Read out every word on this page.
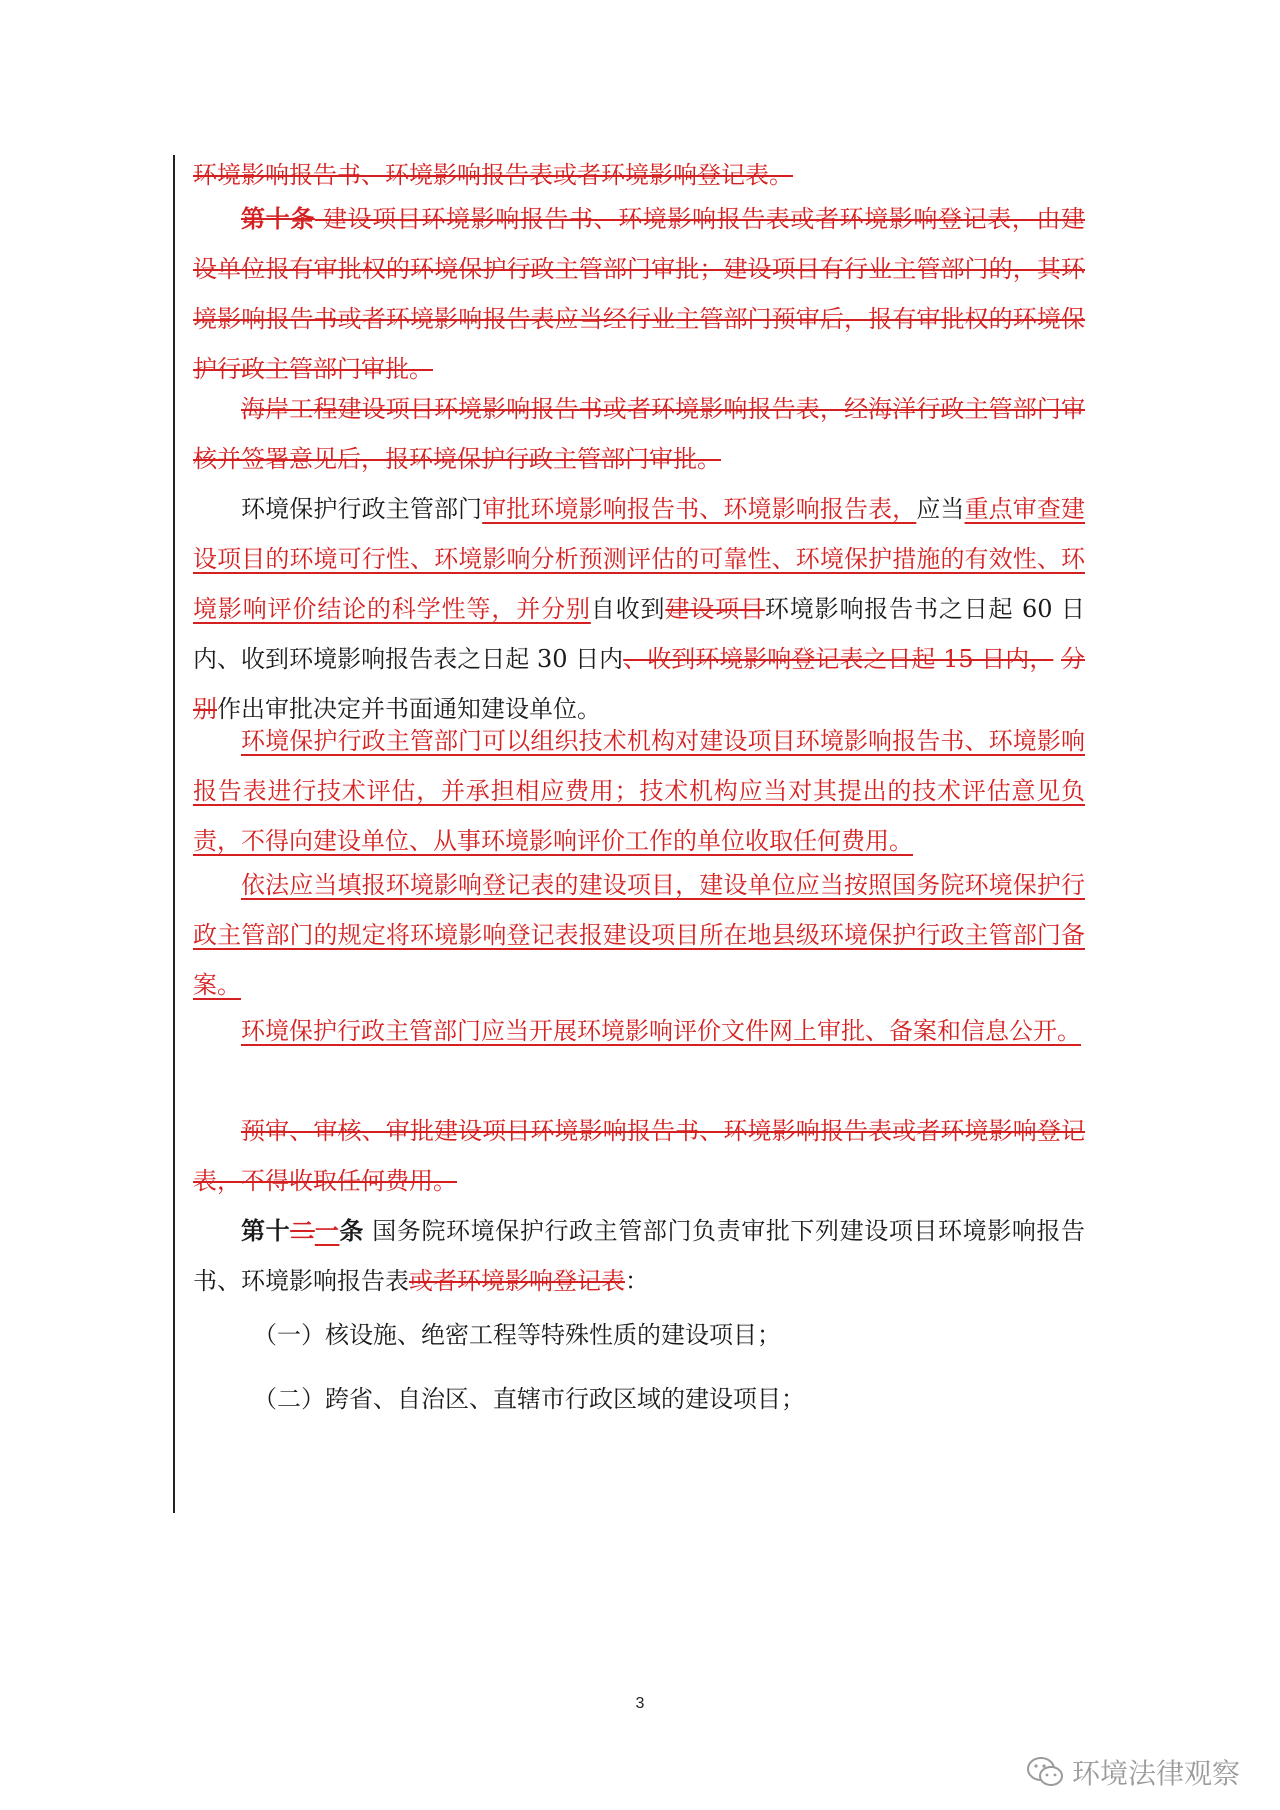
环境影响报告书、环境影响报告表或者环境影响登记表。

第十条 建设项目环境影响报告书、环境影响报告表或者环境影响登记表，由建设单位报有审批权的环境保护行政主管部门审批；建设项目有行业主管部门的，其环境影响报告书或者环境影响报告表应当经行业主管部门预审后，报有审批权的环境保护行政主管部门审批。

海岸工程建设项目环境影响报告书或者环境影响报告表，经海洋行政主管部门审核并签署意见后，报环境保护行政主管部门审批。

环境保护行政主管部门审批环境影响报告书、环境影响报告表，应当重点审查建设项目的环境可行性、环境影响分析预测评估的可靠性、环境保护措施的有效性、环境影响评价结论的科学性等，并分别自收到建设项目环境影响报告书之日起 60 日内、收到环境影响报告表之日起 30 日内、收到环境影响登记表之日起 15 日内， 分别作出审批决定并书面通知建设单位。

环境保护行政主管部门可以组织技术机构对建设项目环境影响报告书、环境影响报告表进行技术评估，并承担相应费用；技术机构应当对其提出的技术评估意见负责，不得向建设单位、从事环境影响评价工作的单位收取任何费用。

依法应当填报环境影响登记表的建设项目，建设单位应当按照国务院环境保护行政主管部门的规定将环境影响登记表报建设项目所在地县级环境保护行政主管部门备案。

环境保护行政主管部门应当开展环境影响评价文件网上审批、备案和信息公开。

预审、审核、审批建设项目环境影响报告书、环境影响报告表或者环境影响登记表，不得收取任何费用。

第十二一条 国务院环境保护行政主管部门负责审批下列建设项目环境影响报告书、环境影响报告表或者环境影响登记表：

（一）核设施、绝密工程等特殊性质的建设项目；

（二）跨省、自治区、直辖市行政区域的建设项目；

3
环境法律观察
